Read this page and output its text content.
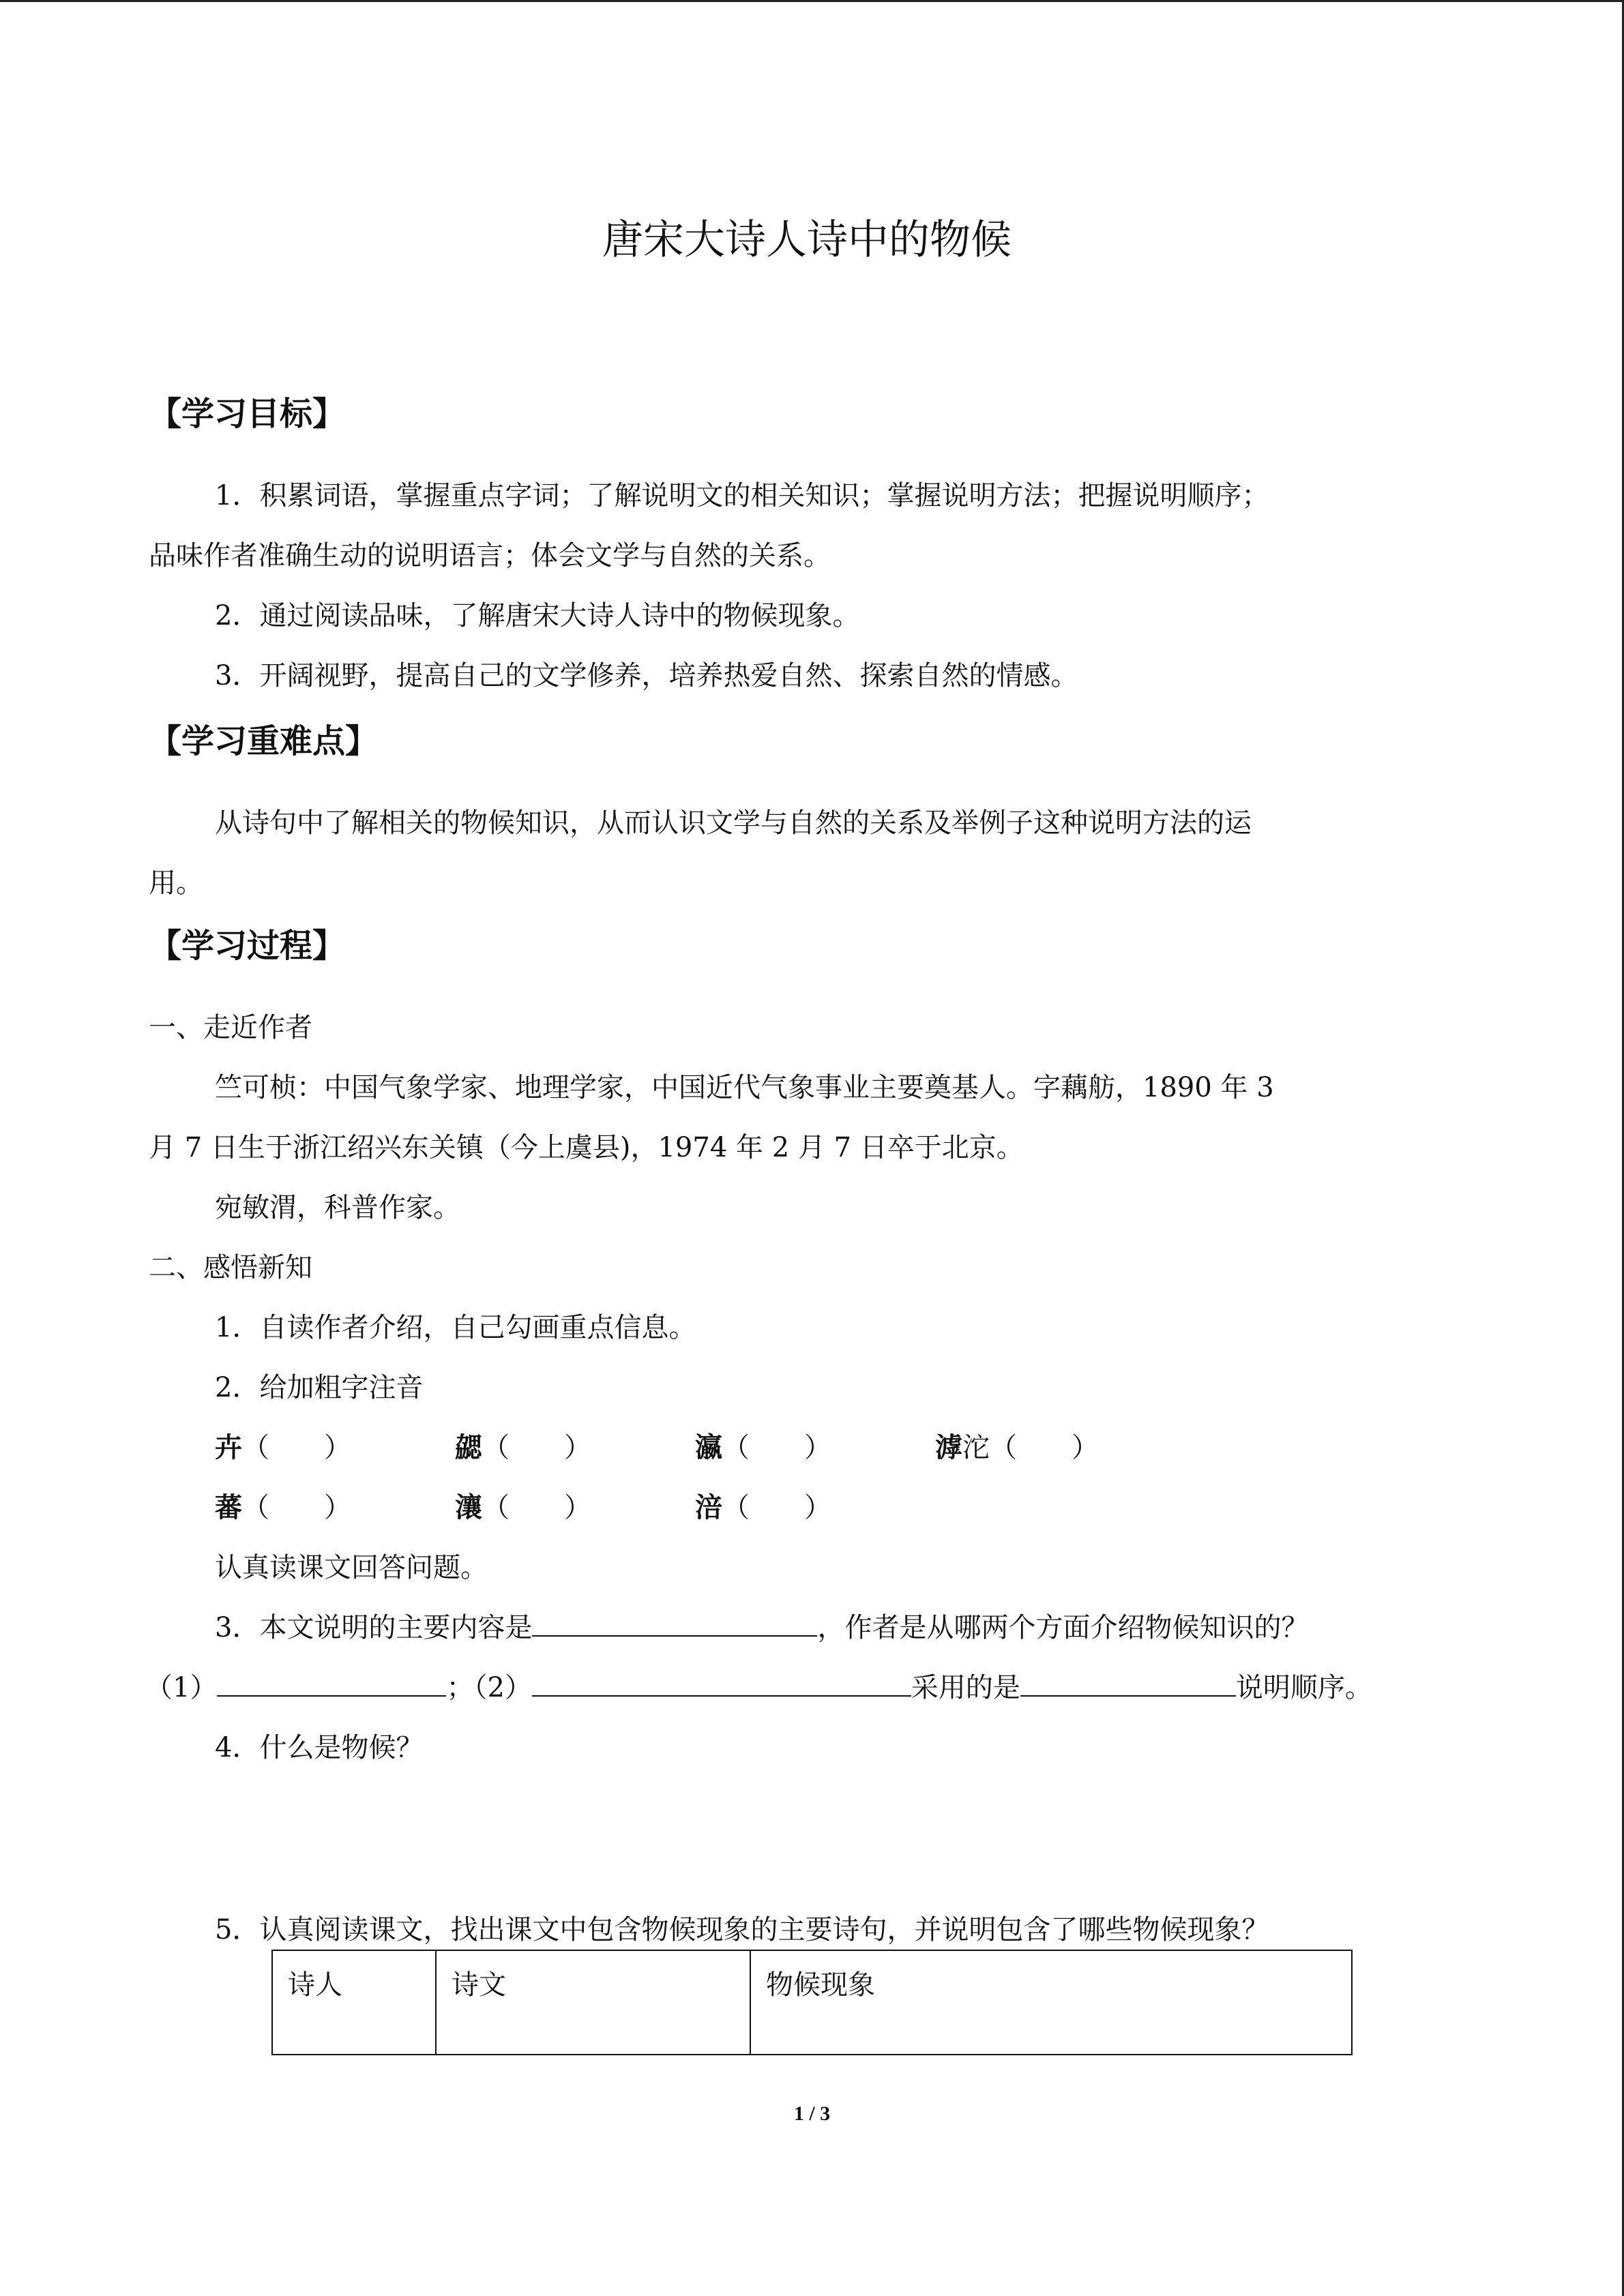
唐宋大诗人诗中的物候
【学习目标】
1．积累词语，掌握重点字词；了解说明文的相关知识；掌握说明方法；把握说明顺序；
品味作者准确生动的说明语言；体会文学与自然的关系。
2．通过阅读品味，了解唐宋大诗人诗中的物候现象。
3．开阔视野，提高自己的文学修养，培养热爱自然、探索自然的情感。
【学习重难点】
从诗句中了解相关的物候知识，从而认识文学与自然的关系及举例子这种说明方法的运
用。
【学习过程】
一、走近作者
竺可桢：中国气象学家、地理学家，中国近代气象事业主要奠基人。字藕舫，1890 年 3
月 7 日生于浙江绍兴东关镇（今上虞县)，1974 年 2 月 7 日卒于北京。
宛敏渭，科普作家。
二、感悟新知
1．自读作者介绍，自己勾画重点信息。
2．给加粗字注音
卉（　　）	勰（　　）	瀛（　　）	滹沱（　　）
蕃（　　）	瀼（　　）	涪（　　）
认真读课文回答问题。
3．本文说明的主要内容是	，作者是从哪两个方面介绍物候知识的？
（1）	；（2）	采用的是	说明顺序。
4．什么是物候？
5．认真阅读课文，找出课文中包含物候现象的主要诗句，并说明包含了哪些物候现象？
诗人	诗文	物候现象
1 / 3
